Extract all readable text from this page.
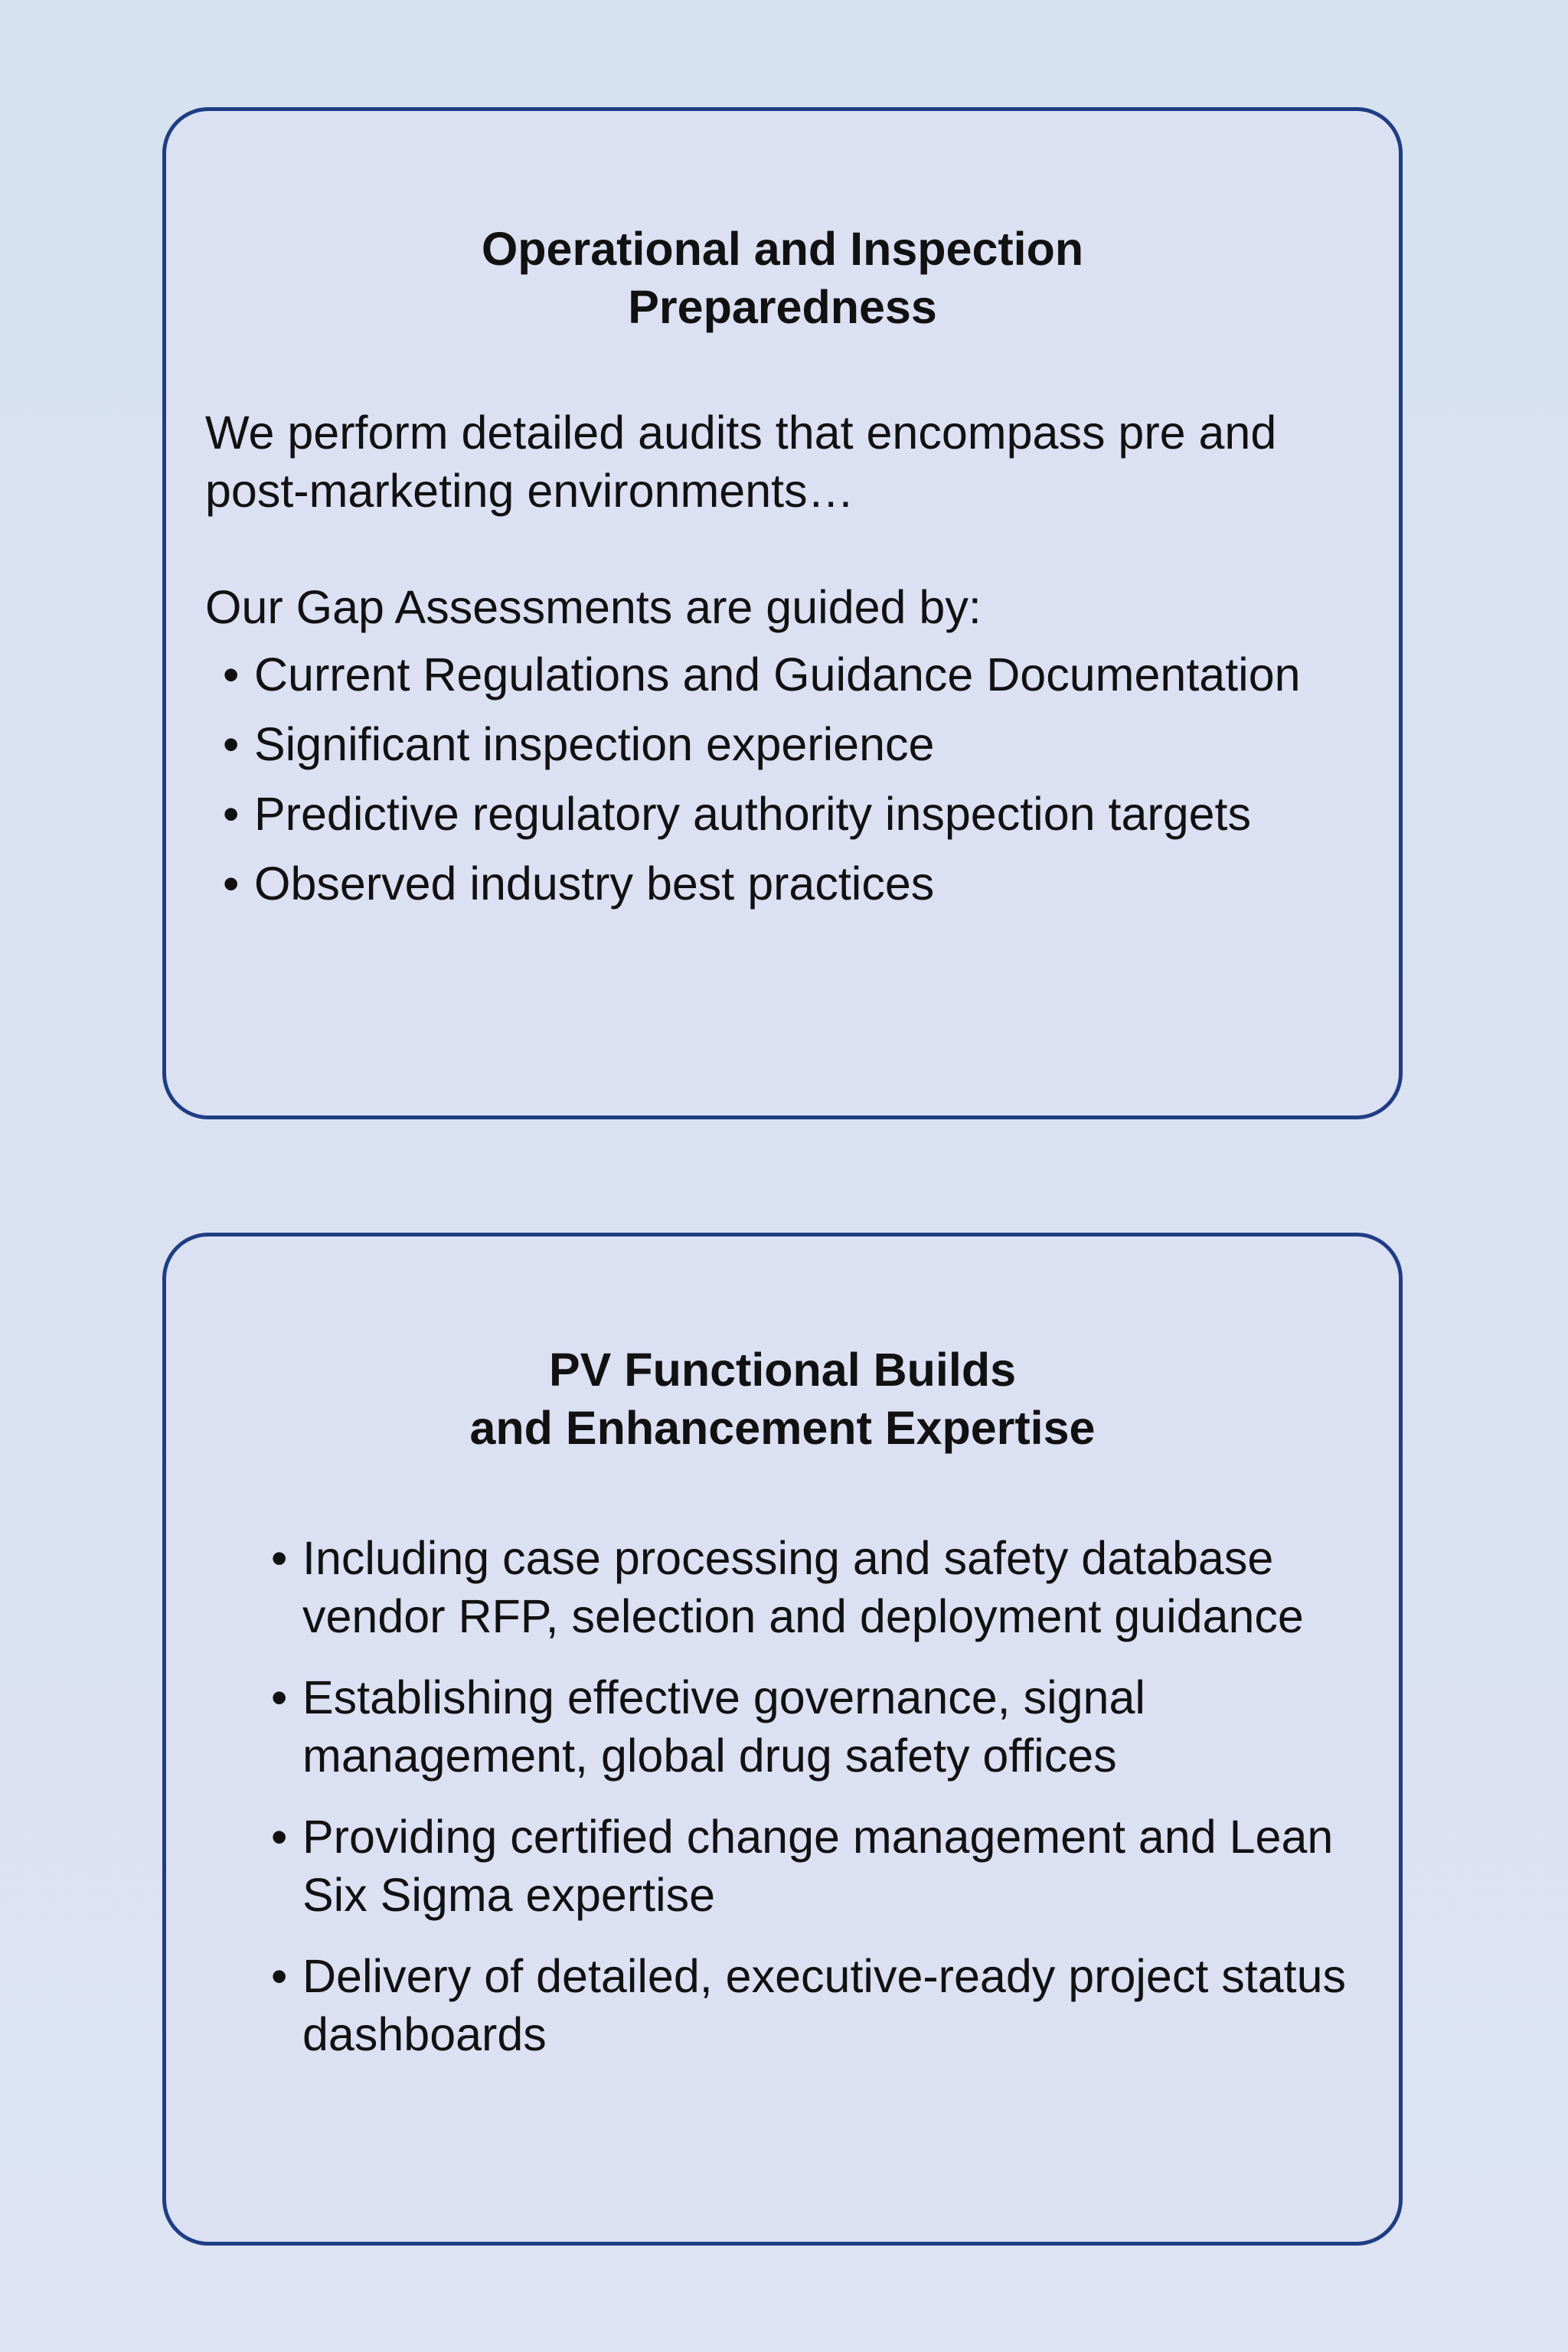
Operational and Inspection
Preparedness

We perform detailed audits that encompass pre and post-marketing environments…

Our Gap Assessments are guided by:

• Current Regulations and Guidance Documentation
• Significant inspection experience
• Predictive regulatory authority inspection targets
• Observed industry best practices
PV Functional Builds
and Enhancement Expertise
• Including case processing and safety database vendor RFP, selection and deployment guidance
• Establishing effective governance, signal management, global drug safety offices
• Providing certified change management and Lean Six Sigma expertise
• Delivery of detailed, executive-ready project status dashboards
